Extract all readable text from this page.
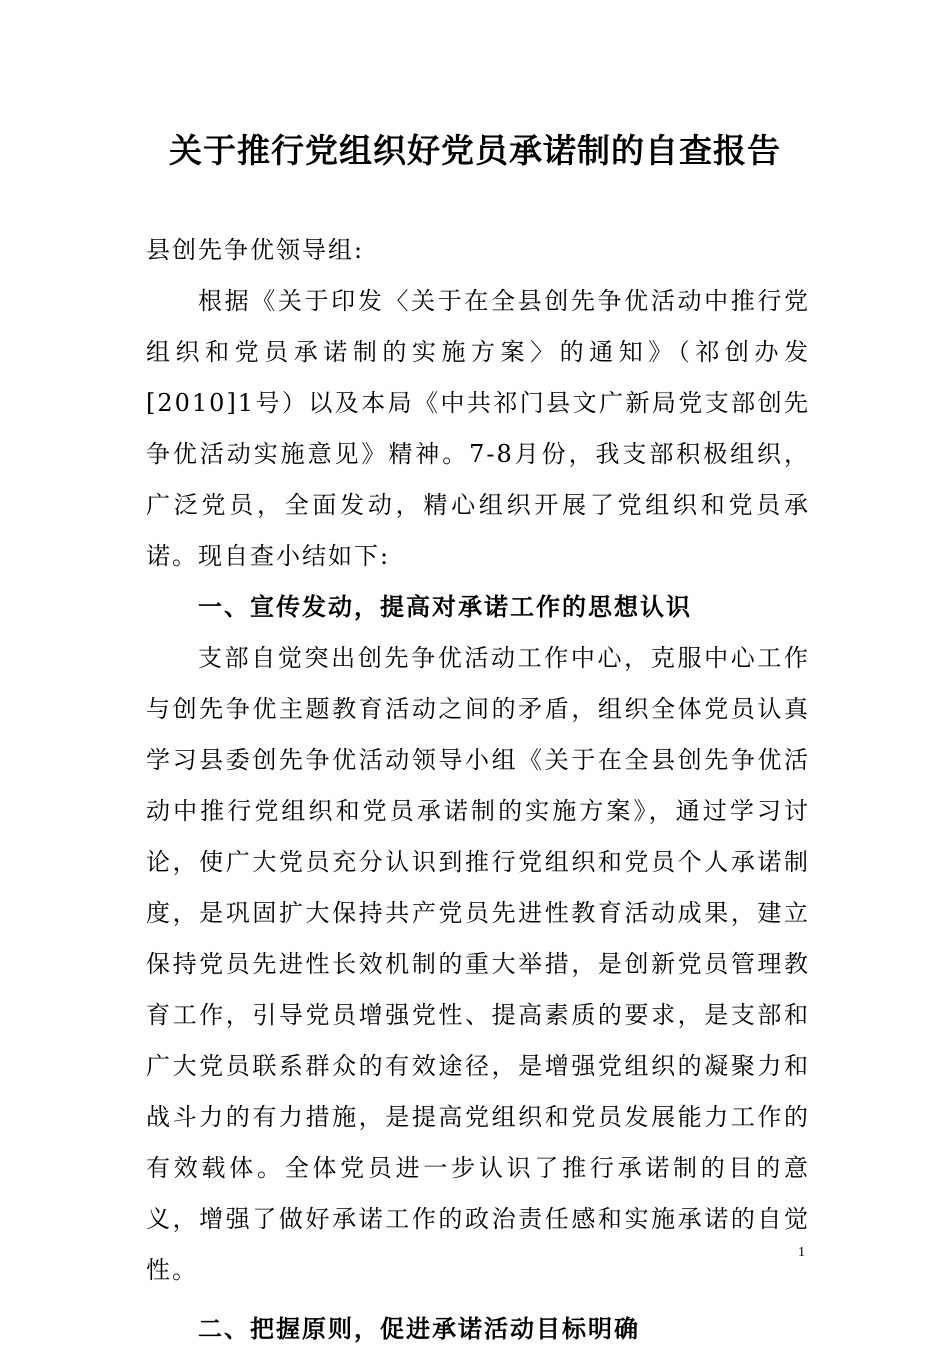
关于推行党组织好党员承诺制的自查报告

县创先争优领导组:

根据《关于印发〈关于在全县创先争优活动中推行党组织和党员承诺制的实施方案〉的通知》（祁创办发[2010]1号）以及本局《中共祁门县文广新局党支部创先争优活动实施意见》精神。7-8月份，我支部积极组织，广泛党员，全面发动，精心组织开展了党组织和党员承诺。现自查小结如下:

一、宣传发动，提高对承诺工作的思想认识

支部自觉突出创先争优活动工作中心，克服中心工作与创先争优主题教育活动之间的矛盾，组织全体党员认真学习县委创先争优活动领导小组《关于在全县创先争优活动中推行党组织和党员承诺制的实施方案》，通过学习讨论，使广大党员充分认识到推行党组织和党员个人承诺制度，是巩固扩大保持共产党员先进性教育活动成果，建立保持党员先进性长效机制的重大举措，是创新党员管理教育工作，引导党员增强党性、提高素质的要求，是支部和广大党员联系群众的有效途径，是增强党组织的凝聚力和战斗力的有力措施，是提高党组织和党员发展能力工作的有效载体。全体党员进一步认识了推行承诺制的目的意义，增强了做好承诺工作的政治责任感和实施承诺的自觉性。

二、把握原则，促进承诺活动目标明确

1
